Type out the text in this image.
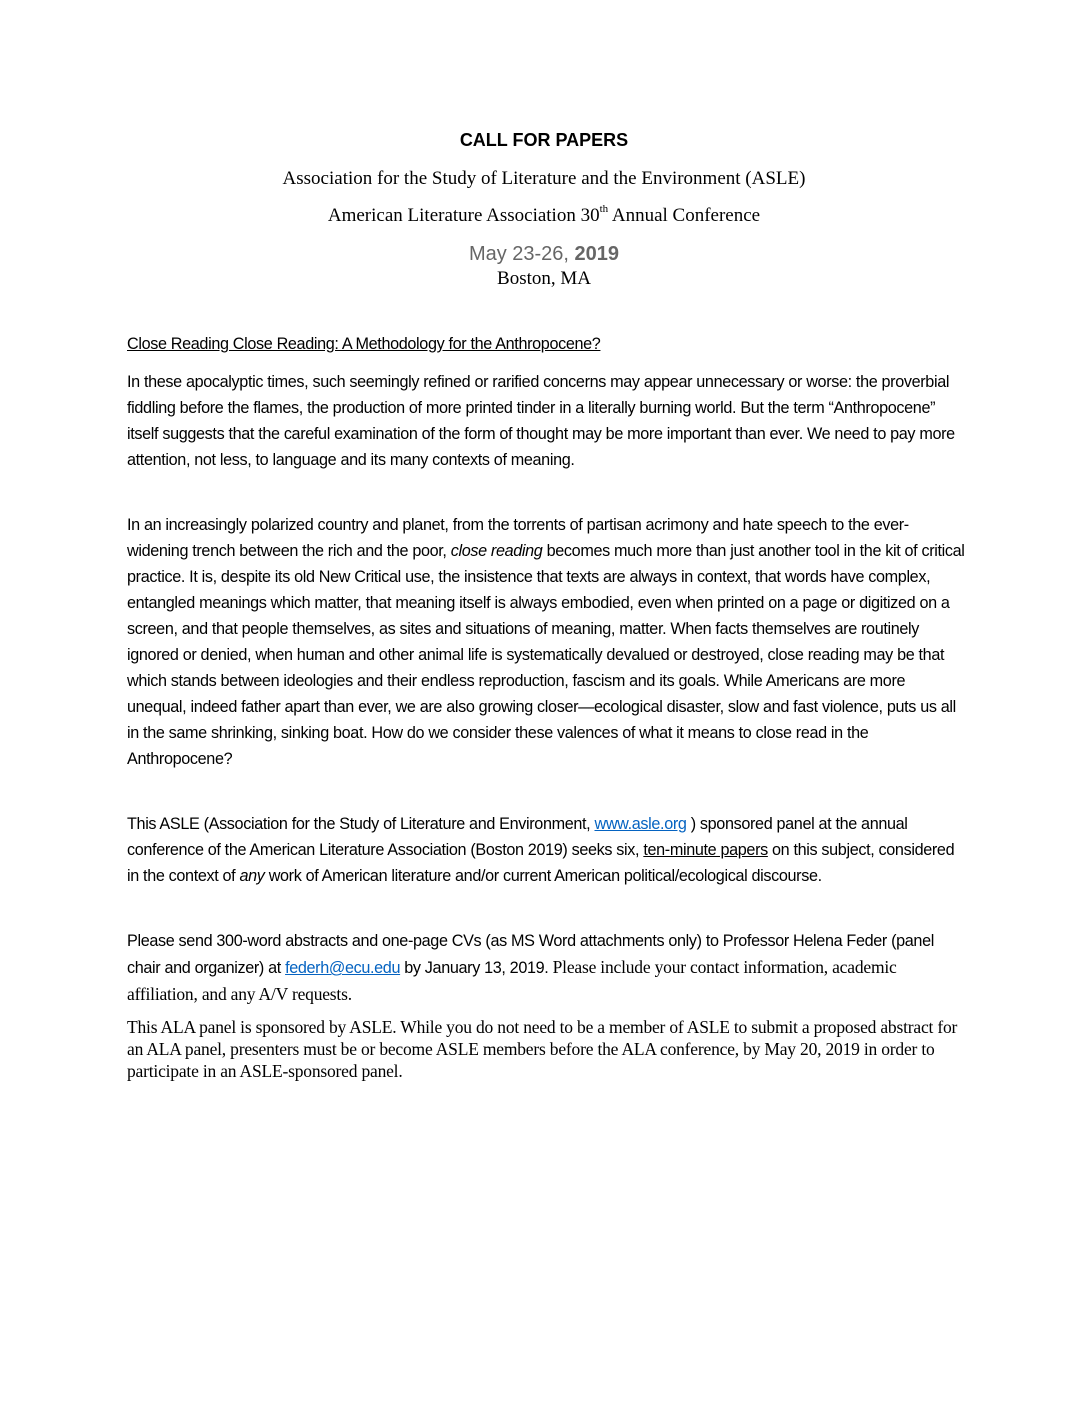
CALL FOR PAPERS
Association for the Study of Literature and the Environment (ASLE)
American Literature Association 30th Annual Conference
May 23-26, 2019
Boston, MA
Close Reading Close Reading: A Methodology for the Anthropocene?
In these apocalyptic times, such seemingly refined or rarified concerns may appear unnecessary or worse: the proverbial fiddling before the flames, the production of more printed tinder in a literally burning world. But the term “Anthropocene” itself suggests that the careful examination of the form of thought may be more important than ever. We need to pay more attention, not less, to language and its many contexts of meaning.
In an increasingly polarized country and planet, from the torrents of partisan acrimony and hate speech to the ever-widening trench between the rich and the poor, close reading becomes much more than just another tool in the kit of critical practice. It is, despite its old New Critical use, the insistence that texts are always in context, that words have complex, entangled meanings which matter, that meaning itself is always embodied, even when printed on a page or digitized on a screen, and that people themselves, as sites and situations of meaning, matter. When facts themselves are routinely ignored or denied, when human and other animal life is systematically devalued or destroyed, close reading may be that which stands between ideologies and their endless reproduction, fascism and its goals. While Americans are more unequal, indeed father apart than ever, we are also growing closer—ecological disaster, slow and fast violence, puts us all in the same shrinking, sinking boat. How do we consider these valences of what it means to close read in the Anthropocene?
This ASLE (Association for the Study of Literature and Environment, www.asle.org ) sponsored panel at the annual conference of the American Literature Association (Boston 2019) seeks six, ten-minute papers on this subject, considered in the context of any work of American literature and/or current American political/ecological discourse.
Please send 300-word abstracts and one-page CVs (as MS Word attachments only) to Professor Helena Feder (panel chair and organizer) at federh@ecu.edu by January 13, 2019. Please include your contact information, academic affiliation, and any A/V requests.
This ALA panel is sponsored by ASLE. While you do not need to be a member of ASLE to submit a proposed abstract for an ALA panel, presenters must be or become ASLE members before the ALA conference, by May 20, 2019 in order to participate in an ASLE-sponsored panel.
